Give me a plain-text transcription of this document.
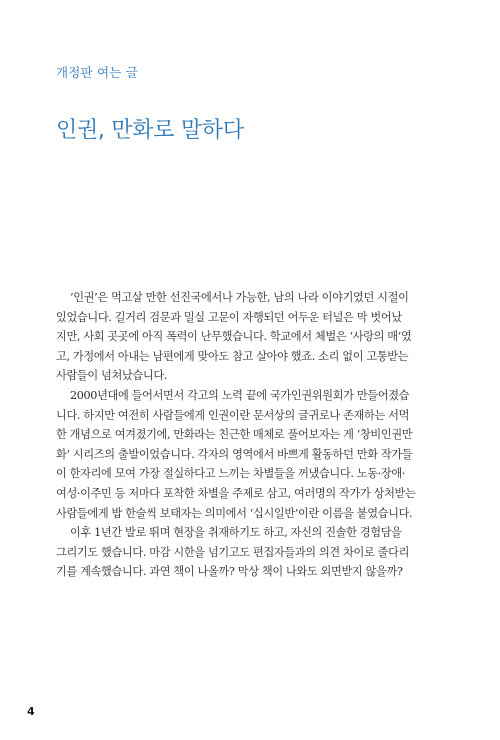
개정판 여는 글
인권, 만화로 말하다
‘인권’은 먹고살 만한 선진국에서나 가능한, 남의 나라 이야기였던 시절이
있었습니다. 길거리 검문과 밀실 고문이 자행되던 어두운 터널은 막 벗어났
지만, 사회 곳곳에 아직 폭력이 난무했습니다. 학교에서 체벌은 ‘사랑의 매’였
고, 가정에서 아내는 남편에게 맞아도 참고 살아야 했죠. 소리 없이 고통받는
사람들이 넘쳐났습니다.
2000년대에 들어서면서 각고의 노력 끝에 국가인권위원회가 만들어졌습
니다. 하지만 여전히 사람들에게 인권이란 문서상의 글귀로나 존재하는 서먹
한 개념으로 여겨졌기에, 만화라는 친근한 매체로 풀어보자는 게 ‘창비인권만
화’ 시리즈의 출발이었습니다. 각자의 영역에서 바쁘게 활동하던 만화 작가들
이 한자리에 모여 가장 절실하다고 느끼는 차별들을 꺼냈습니다. 노동·장애·
여성·이주민 등 저마다 포착한 차별을 주제로 삼고, 여러명의 작가가 상처받는
사람들에게 밥 한술씩 보태자는 의미에서 ‘십시일반’이란 이름을 붙였습니다.
이후 1년간 발로 뛰며 현장을 취재하기도 하고, 자신의 진솔한 경험담을
그리기도 했습니다. 마감 시한을 넘기고도 편집자들과의 의견 차이로 줄다리
기를 계속했습니다. 과연 책이 나올까? 막상 책이 나와도 외면받지 않을까?
4
